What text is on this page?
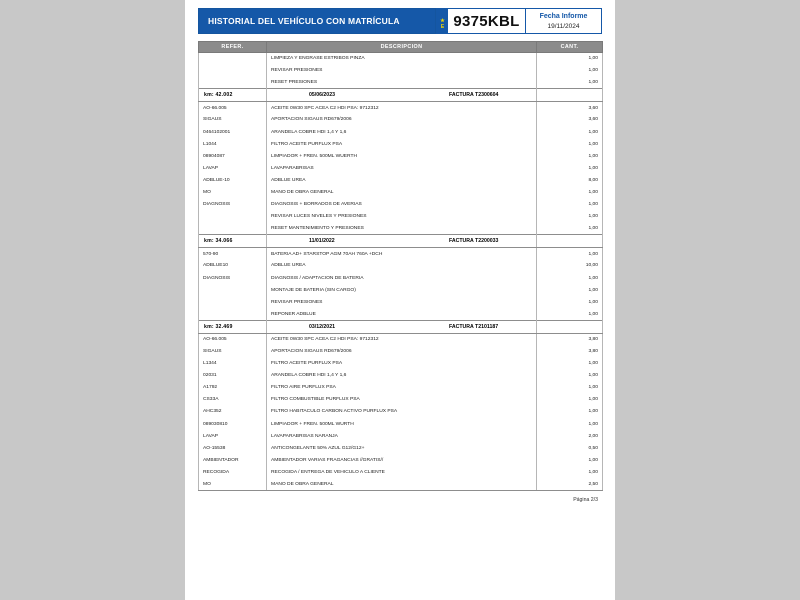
HISTORIAL DEL VEHÍCULO CON MATRÍCULA	★
E 9375KBL	Fecha Informe
19/11/2024
REFER.	DESCRIPCION	CANT.
	LIMPIEZA Y ENGRASE ESTRIBOS PINZA	1,00
	REVISAR PRESIONES	1,00
	RESET PRESIONES	1,00
km: 42.002	05/06/2023 FACTURA T2300604	

AO-66.005	ACEITE 0W30 SPC ACEA C2 HDI PSA: 9712312	3,60
SIGAUS	APORTACION SIGAUS RD679/2006	3,60
0464102001	ARANDELA COBRE HDI 1,4 Y 1,6	1,00
L1044	FILTRO ACEITE PURFLUX PSA	1,00
08904087	LIMPIADOR + FREN. 500ML WUERTH	1,00
LAVAP	LAVAPARABRISAS	1,00
ADBLUE-10	ADBLUE UREA	8,00
MO	MANO DE OBRA GENERAL	1,00
DIAGNOSIS	DIAGNOSIS + BORRADOS DE AVERIAS	1,00
	REVISAR LUCES NIVELES Y PRESIONES	1,00
	RESET MANTENIMIENTO Y PRESIONES	1,00
km: 34.066	11/01/2022 FACTURA T2200033	

570-90	BATERIA AD+ STARSTOP AGM 70AH 760A +DCH	1,00
ADBLUE10	ADBLUE UREA	10,00
DIAGNOSIS	DIAGNOSIS / ADAPTACION DE BATERIA	1,00
	MONTAJE DE BATERIA (SIN CARGO)	1,00
	REVISAR PRESIONES	1,00
	REPONER ADBLUE	1,00
km: 32.469	03/12/2021 FACTURA T2101187	

AO-66.005	ACEITE 0W30 SPC ACEA C2 HDI PSA: 9712312	3,80
SIGAUS	APORTACION SIGAUS RD679/2006	3,80
L1344	FILTRO ACEITE PURFLUX PSA	1,00
02031	ARANDELA COBRE HDI 1,4 Y 1,6	1,00
A1792	FILTRO AIRE PURFLUX PSA	1,00
CS33A	FILTRO COMBUSTIBLE PURFLUX PSA	1,00
AHC352	FILTRO HABITACULO CARBON ACTIVO PURFLUX PSA	1,00
089030810	LIMPIADOR + FREN. 500ML WURTH	1,00
LAVAP	LAVAPARABRISAS NARANJA	2,00
AO-15538	ANTICONGELANTE 50% AZUL G12/G12+	0,50
AMBIENTADOR	AMBIENTADOR VARIAS FRAGANCIAS //GRATIS//	1,00
RECOGIDA	RECOGIDA / ENTREGA DE VEHICULO A CLIENTE	1,00
MO	MANO DE OBRA GENERAL	2,50
Página 2/3
